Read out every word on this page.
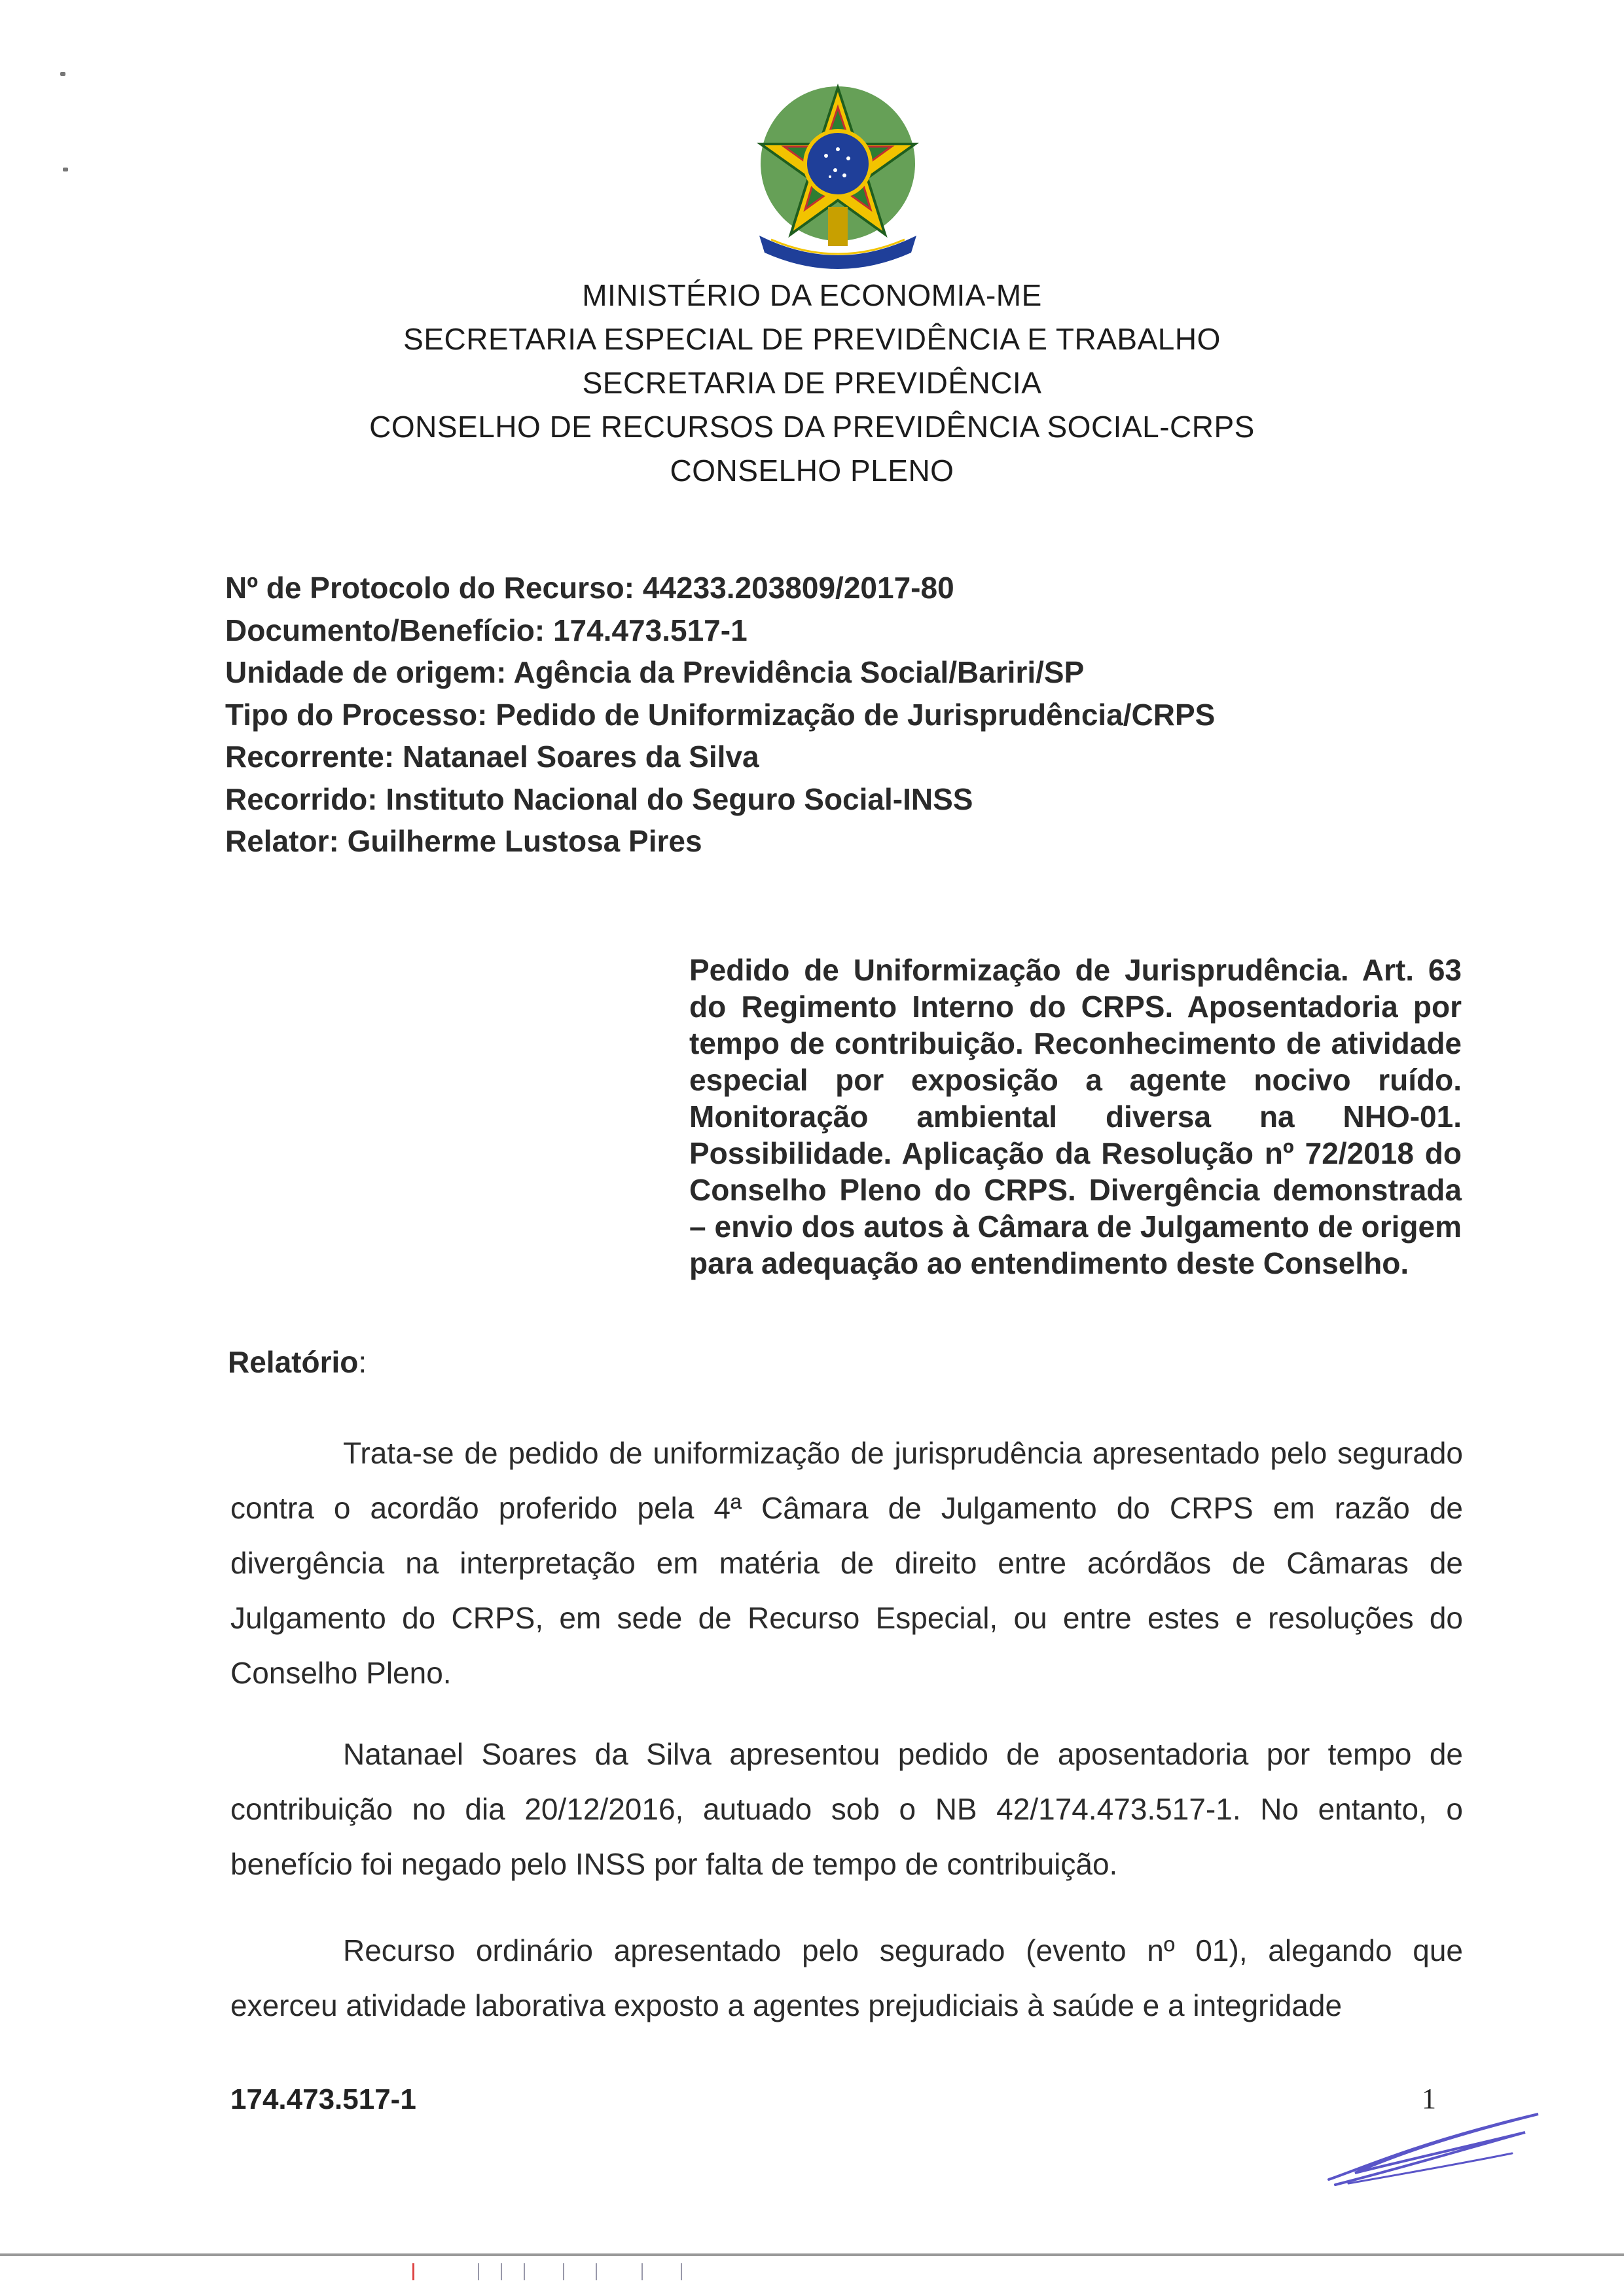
MINISTÉRIO DA ECONOMIA-ME
SECRETARIA ESPECIAL DE PREVIDÊNCIA E TRABALHO
SECRETARIA DE PREVIDÊNCIA
CONSELHO DE RECURSOS DA PREVIDÊNCIA SOCIAL-CRPS
CONSELHO PLENO
Nº de Protocolo do Recurso: 44233.203809/2017-80
Documento/Benefício: 174.473.517-1
Unidade de origem: Agência da Previdência Social/Bariri/SP
Tipo do Processo: Pedido de Uniformização de Jurisprudência/CRPS
Recorrente: Natanael Soares da Silva
Recorrido: Instituto Nacional do Seguro Social-INSS
Relator: Guilherme Lustosa Pires
Pedido de Uniformização de Jurisprudência. Art. 63 do Regimento Interno do CRPS. Aposentadoria por tempo de contribuição. Reconhecimento de atividade especial por exposição a agente nocivo ruído. Monitoração ambiental diversa na NHO-01. Possibilidade. Aplicação da Resolução nº 72/2018 do Conselho Pleno do CRPS. Divergência demonstrada – envio dos autos à Câmara de Julgamento de origem para adequação ao entendimento deste Conselho.
Relatório:
Trata-se de pedido de uniformização de jurisprudência apresentado pelo segurado contra o acordão proferido pela 4ª Câmara de Julgamento do CRPS em razão de divergência na interpretação em matéria de direito entre acórdãos de Câmaras de Julgamento do CRPS, em sede de Recurso Especial, ou entre estes e resoluções do Conselho Pleno.
Natanael Soares da Silva apresentou pedido de aposentadoria por tempo de contribuição no dia 20/12/2016, autuado sob o NB 42/174.473.517-1. No entanto, o benefício foi negado pelo INSS por falta de tempo de contribuição.
Recurso ordinário apresentado pelo segurado (evento nº 01), alegando que exerceu atividade laborativa exposto a agentes prejudiciais à saúde e a integridade
174.473.517-1	1
